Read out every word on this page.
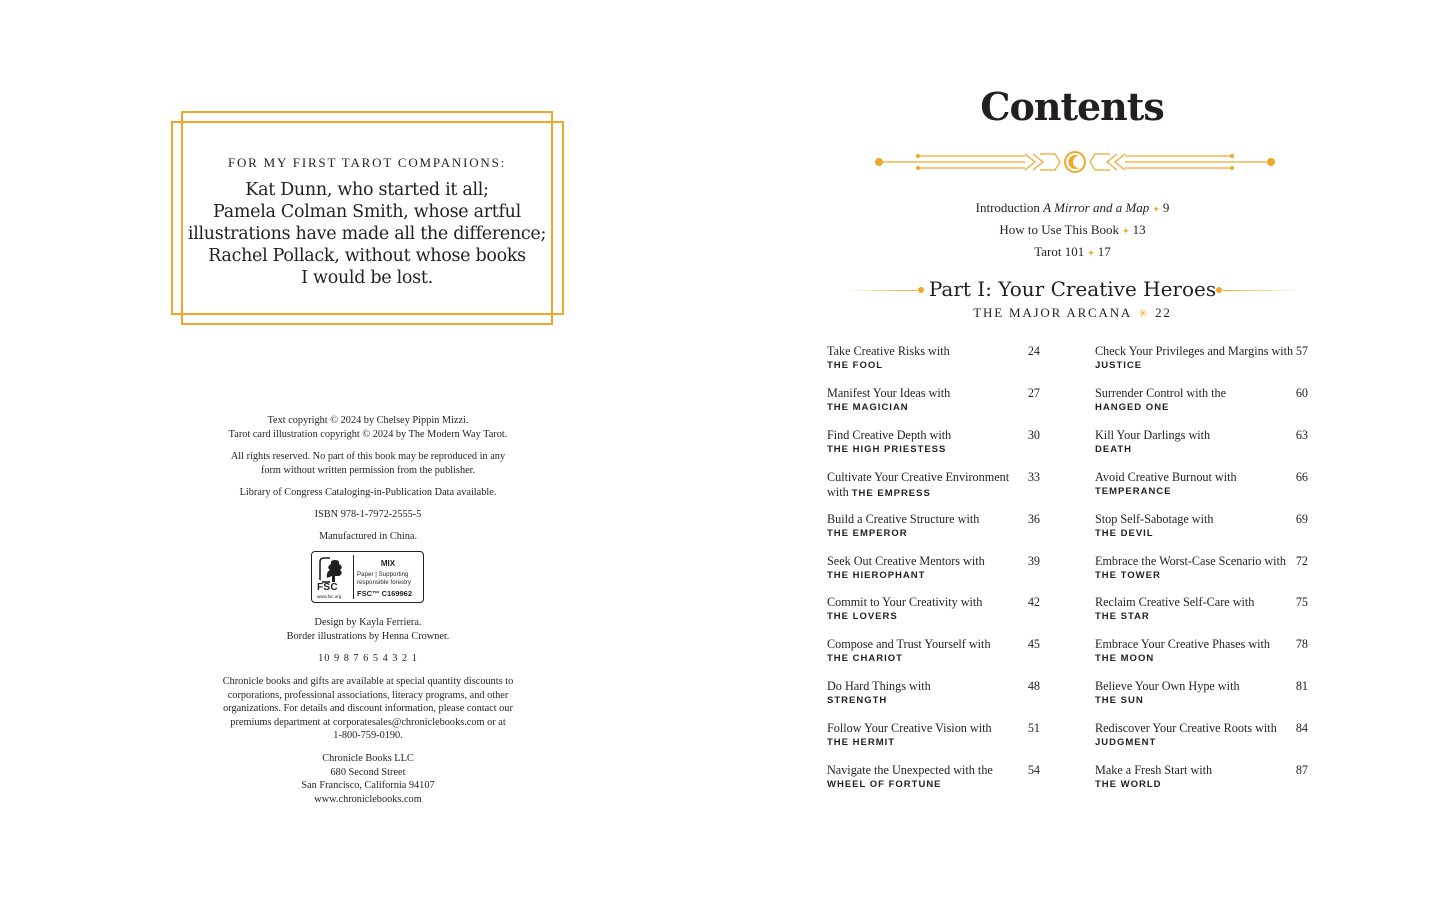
FOR MY FIRST TAROT COMPANIONS:
Kat Dunn, who started it all;
Pamela Colman Smith, whose artful
illustrations have made all the difference;
Rachel Pollack, without whose books
I would be lost.

Text copyright © 2024 by Chelsey Pippin Mizzi.

Tarot card illustration copyright © 2024 by The Modern Way Tarot.

All rights reserved. No part of this book may be reproduced in any

form without written permission from the publisher.

Library of Congress Cataloging-in-Publication Data available.
ISBN 978-1-7972-2555-5
Manufactured in China.
FSC
www.fsc.org
MIX
Paper | Supporting responsible forestry
FSC™ C169962

Design by Kayla Ferriera.

Border illustrations by Henna Crowner.

10 9 8 7 6 5 4 3 2 1

Chronicle books and gifts are available at special quantity discounts to

corporations, professional associations, literacy programs, and other

organizations. For details and discount information, please contact our

premiums department at corporatesales@chroniclebooks.com or at

1-800-759-0190.

Chronicle Books LLC

680 Second Street

San Francisco, California 94107

www.chroniclebooks.com

Contents
Introduction A Mirror and a Map ✦ 9
How to Use This Book ✦ 13
Tarot 101 ✦ 17
Part I: Your Creative Heroes
THE MAJOR ARCANA ✳ 22
Take Creative Risks with
THE FOOL
24
Manifest Your Ideas with
THE MAGICIAN
27
Find Creative Depth with
THE HIGH PRIESTESS
30
Cultivate Your Creative Environment
with THE EMPRESS
33
Build a Creative Structure with
THE EMPEROR
36
Seek Out Creative Mentors with
THE HIEROPHANT
39
Commit to Your Creativity with
THE LOVERS
42
Compose and Trust Yourself with
THE CHARIOT
45
Do Hard Things with
STRENGTH
48
Follow Your Creative Vision with
THE HERMIT
51
Navigate the Unexpected with the
WHEEL OF FORTUNE
54
Check Your Privileges and Margins with
JUSTICE
57
Surrender Control with the
HANGED ONE
60
Kill Your Darlings with
DEATH
63
Avoid Creative Burnout with
TEMPERANCE
66
Stop Self-Sabotage with
THE DEVIL
69
Embrace the Worst-Case Scenario with
THE TOWER
72
Reclaim Creative Self-Care with
THE STAR
75
Embrace Your Creative Phases with
THE MOON
78
Believe Your Own Hype with
THE SUN
81
Rediscover Your Creative Roots with
JUDGMENT
84
Make a Fresh Start with
THE WORLD
87
